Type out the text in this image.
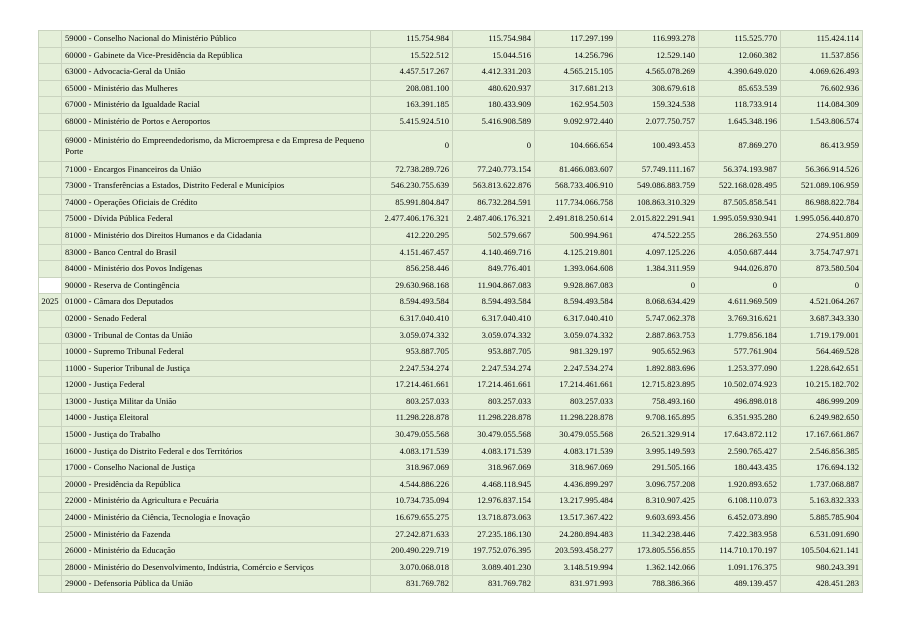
	59000 - Conselho Nacional do Ministério Público	115.754.984	115.754.984	117.297.199	116.993.278	115.525.770	115.424.114
	60000 - Gabinete da Vice-Presidência da República	15.522.512	15.044.516	14.256.796	12.529.140	12.060.382	11.537.856
	63000 - Advocacia-Geral da União	4.457.517.267	4.412.331.203	4.565.215.105	4.565.078.269	4.390.649.020	4.069.626.493
	65000 - Ministério das Mulheres	208.081.100	480.620.937	317.681.213	308.679.618	85.653.539	76.602.936
	67000 - Ministério da Igualdade Racial	163.391.185	180.433.909	162.954.503	159.324.538	118.733.914	114.084.309
	68000 - Ministério de Portos e Aeroportos	5.415.924.510	5.416.908.589	9.092.972.440	2.077.750.757	1.645.348.196	1.543.806.574
	69000 - Ministério do Empreendedorismo, da Microempresa e da Empresa de Pequeno Porte	0	0	104.666.654	100.493.453	87.869.270	86.413.959
	71000 - Encargos Financeiros da União	72.738.289.726	77.240.773.154	81.466.083.607	57.749.111.167	56.374.193.987	56.366.914.526
	73000 - Transferências a Estados, Distrito Federal e Municípios	546.230.755.639	563.813.622.876	568.733.406.910	549.086.883.759	522.168.028.495	521.089.106.959
	74000 - Operações Oficiais de Crédito	85.991.804.847	86.732.284.591	117.734.066.758	108.863.310.329	87.505.858.541	86.988.822.784
	75000 - Dívida Pública Federal	2.477.406.176.321	2.487.406.176.321	2.491.818.250.614	2.015.822.291.941	1.995.059.930.941	1.995.056.440.870
	81000 - Ministério dos Direitos Humanos e da Cidadania	412.220.295	502.579.667	500.994.961	474.522.255	286.263.550	274.951.809
	83000 - Banco Central do Brasil	4.151.467.457	4.140.469.716	4.125.219.801	4.097.125.226	4.050.687.444	3.754.747.971
	84000 - Ministério dos Povos Indígenas	856.258.446	849.776.401	1.393.064.608	1.384.311.959	944.026.870	873.580.504
	90000 - Reserva de Contingência	29.630.968.168	11.904.867.083	9.928.867.083	0	0	0
2025	01000 - Câmara dos Deputados	8.594.493.584	8.594.493.584	8.594.493.584	8.068.634.429	4.611.969.509	4.521.064.267
	02000 - Senado Federal	6.317.040.410	6.317.040.410	6.317.040.410	5.747.062.378	3.769.316.621	3.687.343.330
	03000 - Tribunal de Contas da União	3.059.074.332	3.059.074.332	3.059.074.332	2.887.863.753	1.779.856.184	1.719.179.001
	10000 - Supremo Tribunal Federal	953.887.705	953.887.705	981.329.197	905.652.963	577.761.904	564.469.528
	11000 - Superior Tribunal de Justiça	2.247.534.274	2.247.534.274	2.247.534.274	1.892.883.696	1.253.377.090	1.228.642.651
	12000 - Justiça Federal	17.214.461.661	17.214.461.661	17.214.461.661	12.715.823.895	10.502.074.923	10.215.182.702
	13000 - Justiça Militar da União	803.257.033	803.257.033	803.257.033	758.493.160	496.898.018	486.999.209
	14000 - Justiça Eleitoral	11.298.228.878	11.298.228.878	11.298.228.878	9.708.165.895	6.351.935.280	6.249.982.650
	15000 - Justiça do Trabalho	30.479.055.568	30.479.055.568	30.479.055.568	26.521.329.914	17.643.872.112	17.167.661.867
	16000 - Justiça do Distrito Federal e dos Territórios	4.083.171.539	4.083.171.539	4.083.171.539	3.995.149.593	2.590.765.427	2.546.856.385
	17000 - Conselho Nacional de Justiça	318.967.069	318.967.069	318.967.069	291.505.166	180.443.435	176.694.132
	20000 - Presidência da República	4.544.886.226	4.468.118.945	4.436.899.297	3.096.757.208	1.920.893.652	1.737.068.887
	22000 - Ministério da Agricultura e Pecuária	10.734.735.094	12.976.837.154	13.217.995.484	8.310.907.425	6.108.110.073	5.163.832.333
	24000 - Ministério da Ciência, Tecnologia e Inovação	16.679.655.275	13.718.873.063	13.517.367.422	9.603.693.456	6.452.073.890	5.885.785.904
	25000 - Ministério da Fazenda	27.242.871.633	27.235.186.130	24.280.894.483	11.342.238.446	7.422.383.958	6.531.091.690
	26000 - Ministério da Educação	200.490.229.719	197.752.076.395	203.593.458.277	173.805.556.855	114.710.170.197	105.504.621.141
	28000 - Ministério do Desenvolvimento, Indústria, Comércio e Serviços	3.070.068.018	3.089.401.230	3.148.519.994	1.362.142.066	1.091.176.375	980.243.391
	29000 - Defensoria Pública da União	831.769.782	831.769.782	831.971.993	788.386.366	489.139.457	428.451.283
